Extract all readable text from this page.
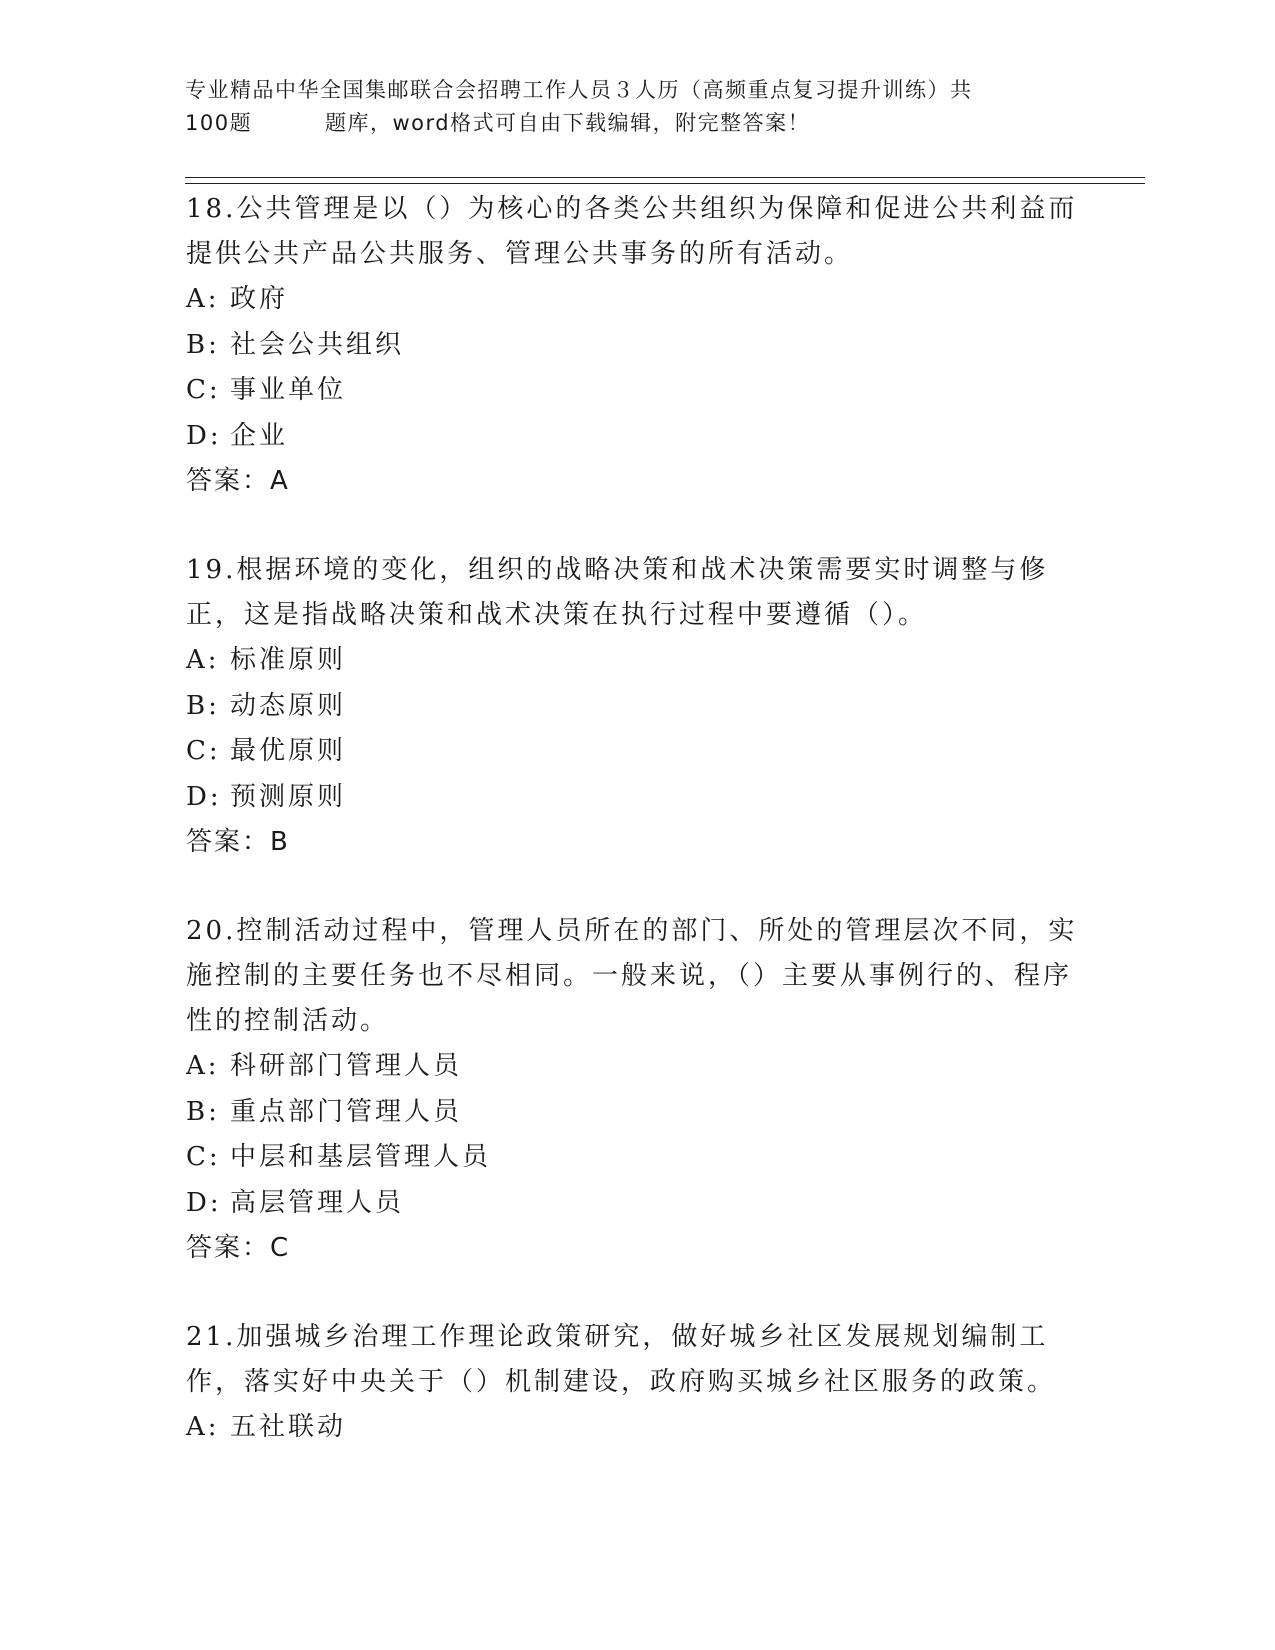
专业精品中华全国集邮联合会招聘工作人员３人历（高频重点复习提升训练）共
100题	题库，word格式可自由下载编辑，附完整答案！

18.公共管理是以（）为核心的各类公共组织为保障和促进公共利益而提供公共产品公共服务、管理公共事务的所有活动。

A: 政府
B: 社会公共组织
C: 事业单位
D: 企业

答案：A

19.根据环境的变化，组织的战略决策和战术决策需要实时调整与修正，这是指战略决策和战术决策在执行过程中要遵循（）。

A: 标准原则
B: 动态原则
C: 最优原则
D: 预测原则

答案：B

20.控制活动过程中，管理人员所在的部门、所处的管理层次不同，实施控制的主要任务也不尽相同。一般来说，（）主要从事例行的、程序性的控制活动。

A: 科研部门管理人员
B: 重点部门管理人员
C: 中层和基层管理人员
D: 高层管理人员

答案：C

21.加强城乡治理工作理论政策研究，做好城乡社区发展规划编制工作，落实好中央关于（）机制建设，政府购买城乡社区服务的政策。

A: 五社联动
